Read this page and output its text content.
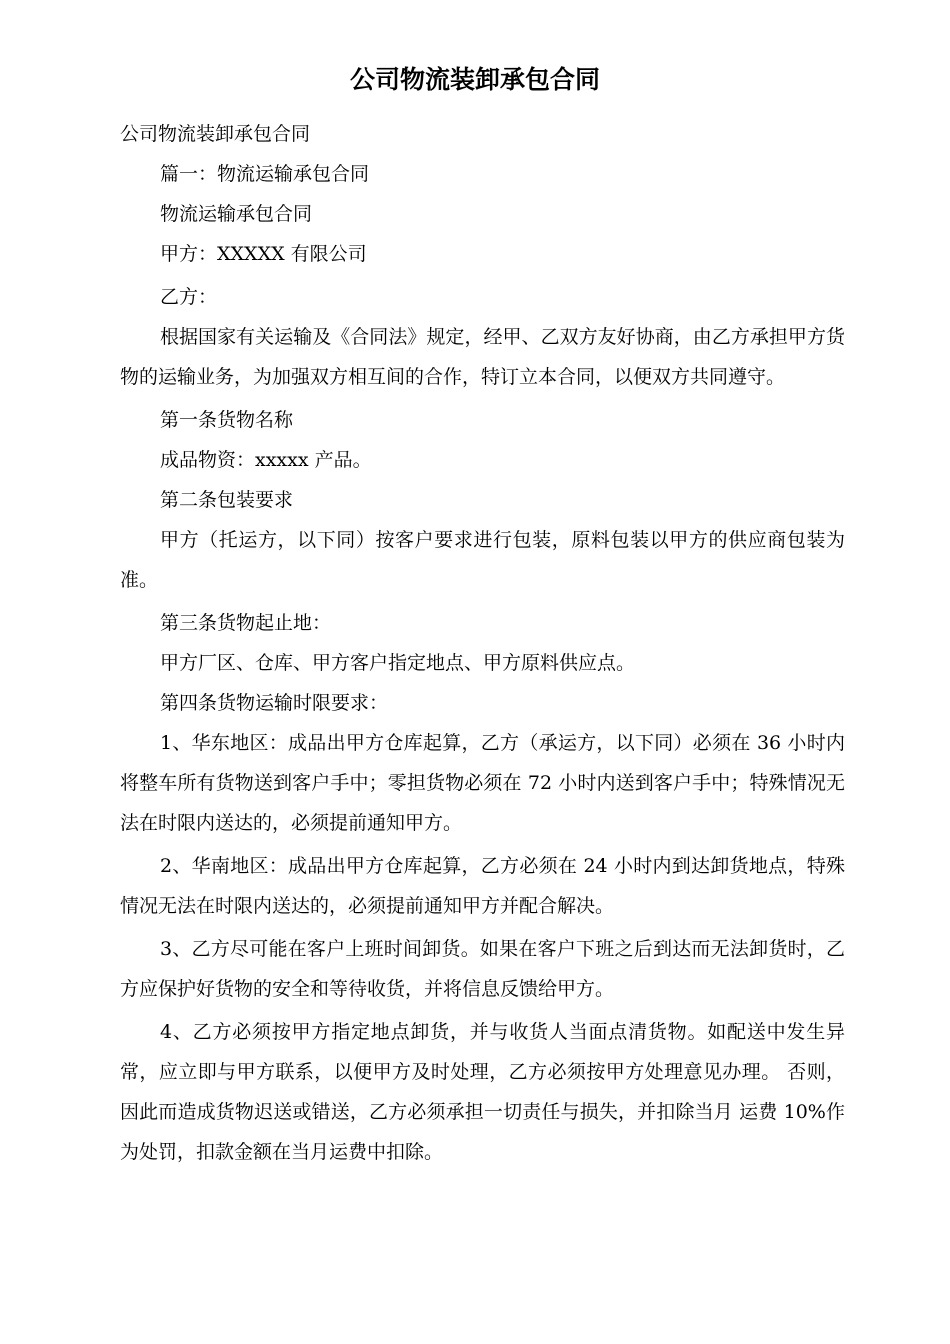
公司物流装卸承包合同

公司物流装卸承包合同

篇一：物流运输承包合同

物流运输承包合同

甲方：XXXXX 有限公司

乙方：

根据国家有关运输及《合同法》规定，经甲、乙双方友好协商，由乙方承担甲方货物的运输业务，为加强双方相互间的合作，特订立本合同，以便双方共同遵守。

第一条货物名称

成品物资：xxxxx 产品。

第二条包装要求

甲方（托运方，以下同）按客户要求进行包装，原料包装以甲方的供应商包装为准。

第三条货物起止地：

甲方厂区、仓库、甲方客户指定地点、甲方原料供应点。

第四条货物运输时限要求：

1、华东地区：成品出甲方仓库起算，乙方（承运方，以下同）必须在 36 小时内将整车所有货物送到客户手中；零担货物必须在 72 小时内送到客户手中；特殊情况无法在时限内送达的，必须提前通知甲方。

2、华南地区：成品出甲方仓库起算，乙方必须在 24 小时内到达卸货地点，特殊情况无法在时限内送达的，必须提前通知甲方并配合解决。

3、乙方尽可能在客户上班时间卸货。如果在客户下班之后到达而无法卸货时，乙方应保护好货物的安全和等待收货，并将信息反馈给甲方。

4、乙方必须按甲方指定地点卸货，并与收货人当面点清货物。如配送中发生异常，应立即与甲方联系，以便甲方及时处理，乙方必须按甲方处理意见办理。 否则，因此而造成货物迟送或错送，乙方必须承担一切责任与损失，并扣除当月 运费 10%作为处罚，扣款金额在当月运费中扣除。
